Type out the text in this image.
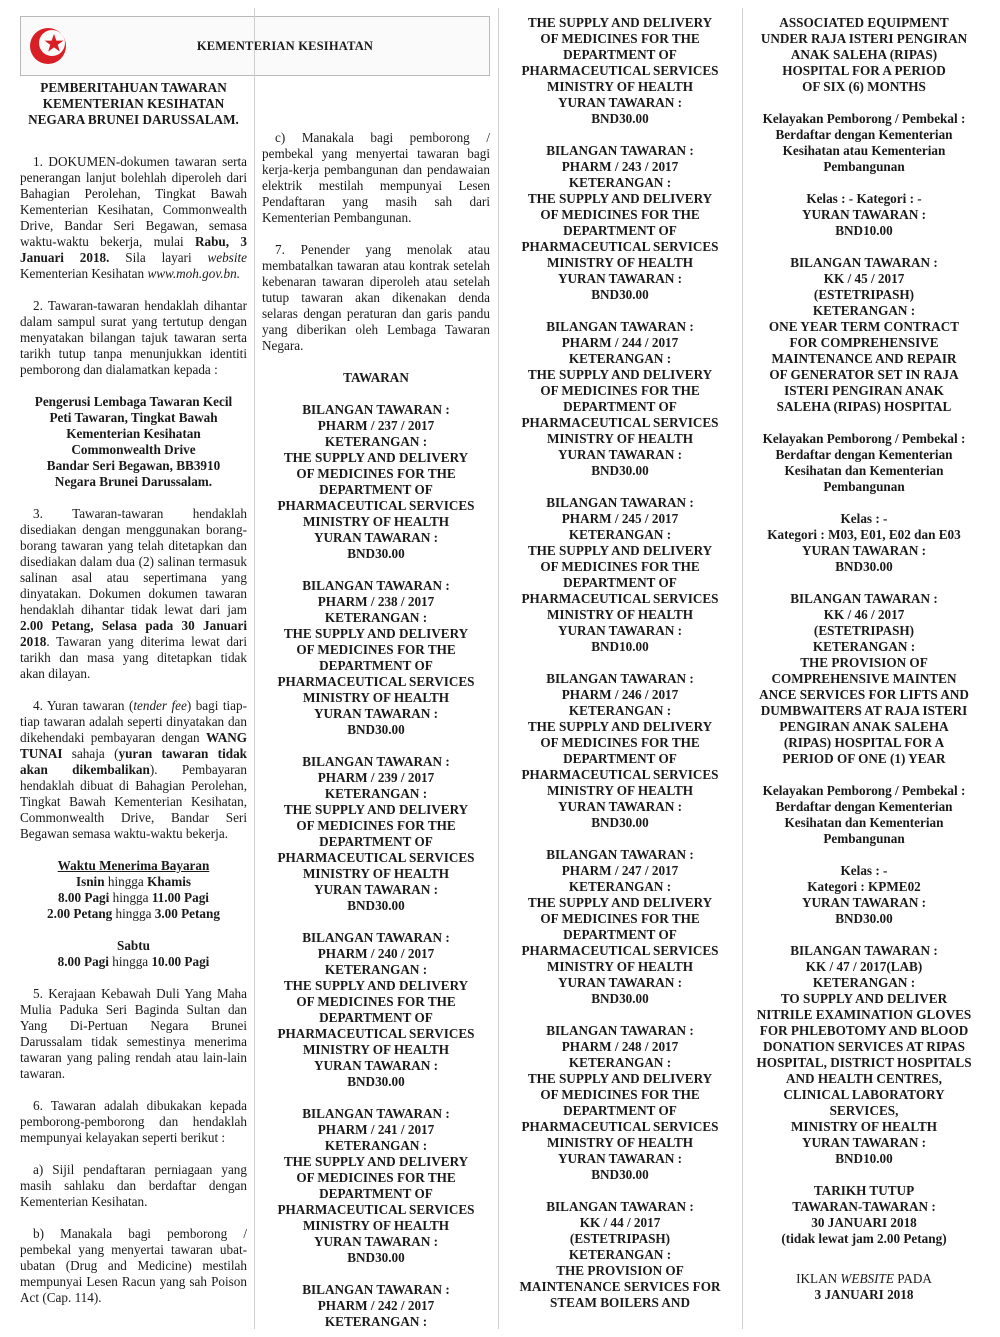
KEMENTERIAN KESIHATAN

PEMBERITAHUAN TAWARAN
KEMENTERIAN KESIHATAN
NEGARA BRUNEI DARUSSALAM.

1. DOKUMEN-dokumen tawaran serta penerangan lanjut bolehlah diperoleh dari Bahagian Perolehan, Tingkat Bawah Kementerian Kesihatan, Commonwealth Drive, Bandar Seri Begawan, semasa waktu-waktu bekerja, mulai Rabu, 3 Januari 2018. Sila layari website Kementerian Kesihatan www.moh.gov.bn.

2. Tawaran-tawaran hendaklah dihantar dalam sampul surat yang tertutup dengan menyatakan bilangan tajuk tawaran serta tarikh tutup tanpa menunjukkan identiti pemborong dan dialamatkan kepada :

Pengerusi Lembaga Tawaran Kecil
Peti Tawaran, Tingkat Bawah
Kementerian Kesihatan
Commonwealth Drive
Bandar Seri Begawan, BB3910
Negara Brunei Darussalam.

3. Tawaran-tawaran hendaklah disediakan dengan menggunakan borang-borang tawaran yang telah ditetapkan dan disediakan dalam dua (2) salinan termasuk salinan asal atau sepertimana yang dinyatakan. Dokumen dokumen tawaran hendaklah dihantar tidak lewat dari jam 2.00 Petang, Selasa pada 30 Januari 2018. Tawaran yang diterima lewat dari tarikh dan masa yang ditetapkan tidak akan dilayan.

4. Yuran tawaran (tender fee) bagi tiap-tiap tawaran adalah seperti dinyatakan dan dikehendaki pembayaran dengan WANG TUNAI sahaja (yuran tawaran tidak akan dikembalikan). Pembayaran hendaklah dibuat di Bahagian Perolehan, Tingkat Bawah Kementerian Kesihatan, Commonwealth Drive, Bandar Seri Begawan semasa waktu-waktu bekerja.

Waktu Menerima Bayaran
Isnin hingga Khamis
8.00 Pagi hingga 11.00 Pagi
2.00 Petang hingga 3.00 Petang

Sabtu
8.00 Pagi hingga 10.00 Pagi

5. Kerajaan Kebawah Duli Yang Maha Mulia Paduka Seri Baginda Sultan dan Yang Di-Pertuan Negara Brunei Darussalam tidak semestinya menerima tawaran yang paling rendah atau lain-lain tawaran.

6. Tawaran adalah dibukakan kepada pemborong-pemborong dan hendaklah mempunyai kelayakan seperti berikut :

a) Sijil pendaftaran perniagaan yang masih sahlaku dan berdaftar dengan Kementerian Kesihatan.

b) Manakala bagi pemborong / pembekal yang menyertai tawaran ubat-ubatan (Drug and Medicine) mestilah mempunyai Lesen Racun yang sah Poison Act (Cap. 114).

c) Manakala bagi pemborong / pembekal yang menyertai tawaran bagi kerja-kerja pembangunan dan pendawaian elektrik mestilah mempunyai Lesen Pendaftaran yang masih sah dari Kementerian Pembangunan.

7. Penender yang menolak atau membatalkan tawaran atau kontrak setelah kebenaran tawaran diperoleh atau setelah tutup tawaran akan dikenakan denda selaras dengan peraturan dan garis pandu yang diberikan oleh Lembaga Tawaran Negara.

TAWARAN

BILANGAN TAWARAN :
PHARM / 237 / 2017
KETERANGAN :
THE SUPPLY AND DELIVERY
OF MEDICINES FOR THE
DEPARTMENT OF
PHARMACEUTICAL SERVICES
MINISTRY OF HEALTH
YURAN TAWARAN :
BND30.00
BILANGAN TAWARAN :
PHARM / 238 / 2017
KETERANGAN :
THE SUPPLY AND DELIVERY
OF MEDICINES FOR THE
DEPARTMENT OF
PHARMACEUTICAL SERVICES
MINISTRY OF HEALTH
YURAN TAWARAN :
BND30.00
BILANGAN TAWARAN :
PHARM / 239 / 2017
KETERANGAN :
THE SUPPLY AND DELIVERY
OF MEDICINES FOR THE
DEPARTMENT OF
PHARMACEUTICAL SERVICES
MINISTRY OF HEALTH
YURAN TAWARAN :
BND30.00
BILANGAN TAWARAN :
PHARM / 240 / 2017
KETERANGAN :
THE SUPPLY AND DELIVERY
OF MEDICINES FOR THE
DEPARTMENT OF
PHARMACEUTICAL SERVICES
MINISTRY OF HEALTH
YURAN TAWARAN :
BND30.00
BILANGAN TAWARAN :
PHARM / 241 / 2017
KETERANGAN :
THE SUPPLY AND DELIVERY
OF MEDICINES FOR THE
DEPARTMENT OF
PHARMACEUTICAL SERVICES
MINISTRY OF HEALTH
YURAN TAWARAN :
BND30.00
BILANGAN TAWARAN :
PHARM / 242 / 2017
KETERANGAN :
THE SUPPLY AND DELIVERY
OF MEDICINES FOR THE
DEPARTMENT OF
PHARMACEUTICAL SERVICES
MINISTRY OF HEALTH
YURAN TAWARAN :
BND30.00
BILANGAN TAWARAN :
PHARM / 243 / 2017
KETERANGAN :
THE SUPPLY AND DELIVERY
OF MEDICINES FOR THE
DEPARTMENT OF
PHARMACEUTICAL SERVICES
MINISTRY OF HEALTH
YURAN TAWARAN :
BND30.00
BILANGAN TAWARAN :
PHARM / 244 / 2017
KETERANGAN :
THE SUPPLY AND DELIVERY
OF MEDICINES FOR THE
DEPARTMENT OF
PHARMACEUTICAL SERVICES
MINISTRY OF HEALTH
YURAN TAWARAN :
BND30.00
BILANGAN TAWARAN :
PHARM / 245 / 2017
KETERANGAN :
THE SUPPLY AND DELIVERY
OF MEDICINES FOR THE
DEPARTMENT OF
PHARMACEUTICAL SERVICES
MINISTRY OF HEALTH
YURAN TAWARAN :
BND10.00
BILANGAN TAWARAN :
PHARM / 246 / 2017
KETERANGAN :
THE SUPPLY AND DELIVERY
OF MEDICINES FOR THE
DEPARTMENT OF
PHARMACEUTICAL SERVICES
MINISTRY OF HEALTH
YURAN TAWARAN :
BND30.00
BILANGAN TAWARAN :
PHARM / 247 / 2017
KETERANGAN :
THE SUPPLY AND DELIVERY
OF MEDICINES FOR THE
DEPARTMENT OF
PHARMACEUTICAL SERVICES
MINISTRY OF HEALTH
YURAN TAWARAN :
BND30.00
BILANGAN TAWARAN :
PHARM / 248 / 2017
KETERANGAN :
THE SUPPLY AND DELIVERY
OF MEDICINES FOR THE
DEPARTMENT OF
PHARMACEUTICAL SERVICES
MINISTRY OF HEALTH
YURAN TAWARAN :
BND30.00
BILANGAN TAWARAN :
KK / 44 / 2017
(ESTETRIPASH)
KETERANGAN :
THE PROVISION OF
MAINTENANCE SERVICES FOR
STEAM BOILERS AND
ASSOCIATED EQUIPMENT
UNDER RAJA ISTERI PENGIRAN
ANAK SALEHA (RIPAS)
HOSPITAL FOR A PERIOD
OF SIX (6) MONTHS
Kelayakan Pemborong / Pembekal :
Berdaftar dengan Kementerian
Kesihatan atau Kementerian
Pembangunan
Kelas : - Kategori : -
YURAN TAWARAN :
BND10.00
BILANGAN TAWARAN :
KK / 45 / 2017
(ESTETRIPASH)
KETERANGAN :
ONE YEAR TERM CONTRACT
FOR COMPREHENSIVE
MAINTENANCE AND REPAIR
OF GENERATOR SET IN RAJA
ISTERI PENGIRAN ANAK
SALEHA (RIPAS) HOSPITAL
Kelayakan Pemborong / Pembekal :
Berdaftar dengan Kementerian
Kesihatan dan Kementerian
Pembangunan
Kelas : -
Kategori : M03, E01, E02 dan E03
YURAN TAWARAN :
BND30.00
BILANGAN TAWARAN :
KK / 46 / 2017
(ESTETRIPASH)
KETERANGAN :
THE PROVISION OF
COMPREHENSIVE MAINTEN
ANCE SERVICES FOR LIFTS AND
DUMBWAITERS AT RAJA ISTERI
PENGIRAN ANAK SALEHA
(RIPAS) HOSPITAL FOR A
PERIOD OF ONE (1) YEAR
Kelayakan Pemborong / Pembekal :
Berdaftar dengan Kementerian
Kesihatan dan Kementerian
Pembangunan
Kelas : -
Kategori : KPME02
YURAN TAWARAN :
BND30.00
BILANGAN TAWARAN :
KK / 47 / 2017(LAB)
KETERANGAN :
TO SUPPLY AND DELIVER
NITRILE EXAMINATION GLOVES
FOR PHLEBOTOMY AND BLOOD
DONATION SERVICES AT RIPAS
HOSPITAL, DISTRICT HOSPITALS
AND HEALTH CENTRES,
CLINICAL LABORATORY
SERVICES,
MINISTRY OF HEALTH
YURAN TAWARAN :
BND10.00
TARIKH TUTUP
TAWARAN-TAWARAN :
30 JANUARI 2018
(tidak lewat jam 2.00 Petang)

IKLAN WEBSITE PADA
3 JANUARI 2018
